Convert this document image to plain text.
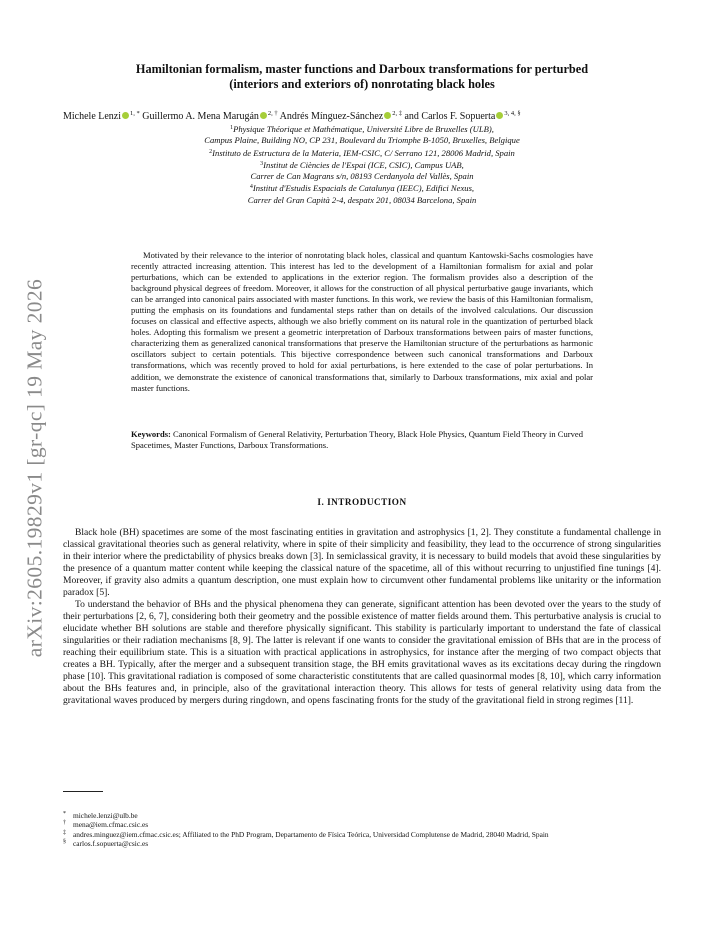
arXiv:2605.19829v1 [gr-qc] 19 May 2026
Hamiltonian formalism, master functions and Darboux transformations for perturbed
(interiors and exteriors of) nonrotating black holes
Michele Lenzi $^{1, *}$ Guillermo A. Mena Marugán $^{2, \dagger}$ Andrés Mínguez-Sánchez $^{2, \ddagger}$ and Carlos F. Sopuerta $^{3, 4, \S}$
$^1$Physique Théorique et Mathématique, Université Libre de Bruxelles (ULB),
Campus Plaine, Building NO, CP 231, Boulevard du Triomphe B-1050, Bruxelles, Belgique
$^2$Instituto de Estructura de la Materia, IEM-CSIC, C/ Serrano 121, 28006 Madrid, Spain
$^3$Institut de Ciències de l'Espai (ICE, CSIC), Campus UAB,
Carrer de Can Magrans s/n, 08193 Cerdanyola del Vallès, Spain
$^4$Institut d'Estudis Espacials de Catalunya (IEEC), Edifici Nexus,
Carrer del Gran Capità 2-4, despatx 201, 08034 Barcelona, Spain
Motivated by their relevance to the interior of nonrotating black holes, classical and quantum Kantowski-Sachs cosmologies have recently attracted increasing attention. This interest has led to the development of a Hamiltonian formalism for axial and polar perturbations, which can be extended to applications in the exterior region. The formalism provides also a description of the background physical degrees of freedom. Moreover, it allows for the construction of all physical perturbative gauge invariants, which can be arranged into canonical pairs associated with master functions. In this work, we review the basis of this Hamiltonian formalism, putting the emphasis on its foundations and fundamental steps rather than on details of the involved calculations. Our discussion focuses on classical and effective aspects, although we also briefly comment on its natural role in the quantization of perturbed black holes. Adopting this formalism we present a geometric interpretation of Darboux transformations between pairs of master functions, characterizing them as generalized canonical transformations that preserve the Hamiltonian structure of the perturbations as harmonic oscillators subject to certain potentials. This bijective correspondence between such canonical transformations and Darboux transformations, which was recently proved to hold for axial perturbations, is here extended to the case of polar perturbations. In addition, we demonstrate the existence of canonical transformations that, similarly to Darboux transformations, mix axial and polar master functions.
Keywords: Canonical Formalism of General Relativity, Perturbation Theory, Black Hole Physics, Quantum Field Theory in Curved Spacetimes, Master Functions, Darboux Transformations.
I. INTRODUCTION

Black hole (BH) spacetimes are some of the most fascinating entities in gravitation and astrophysics [1, 2]. They constitute a fundamental challenge in classical gravitational theories such as general relativity, where in spite of their simplicity and feasibility, they lead to the occurrence of strong singularities in their interior where the predictability of physics breaks down [3]. In semiclassical gravity, it is necessary to build models that avoid these singularities by the presence of a quantum matter content while keeping the classical nature of the spacetime, all of this without recurring to unjustified fine tunings [4]. Moreover, if gravity also admits a quantum description, one must explain how to circumvent other fundamental problems like unitarity or the information paradox [5].

To understand the behavior of BHs and the physical phenomena they can generate, significant attention has been devoted over the years to the study of their perturbations [2, 6, 7], considering both their geometry and the possible existence of matter fields around them. This perturbative analysis is crucial to elucidate whether BH solutions are stable and therefore physically significant. This stability is particularly important to understand the fate of classical singularities or their radiation mechanisms [8, 9]. The latter is relevant if one wants to consider the gravitational emission of BHs that are in the process of reaching their equilibrium state. This is a situation with practical applications in astrophysics, for instance after the merging of two compact objects that creates a BH. Typically, after the merger and a subsequent transition stage, the BH emits gravitational waves as its excitations decay during the ringdown phase [10]. This gravitational radiation is composed of some characteristic constitutents that are called quasinormal modes [8, 10], which carry information about the BHs features and, in principle, also of the gravitational interaction theory. This allows for tests of general relativity using data from the gravitational waves produced by mergers during ringdown, and opens fascinating fronts for the study of the gravitational field in strong regimes [11].

* michele.lenzi@ulb.be
† mena@iem.cfmac.csic.es
‡ andres.minguez@iem.cfmac.csic.es; Affiliated to the PhD Program, Departamento de Física Teórica, Universidad Complutense de Madrid, 28040 Madrid, Spain
§ carlos.f.sopuerta@csic.es
